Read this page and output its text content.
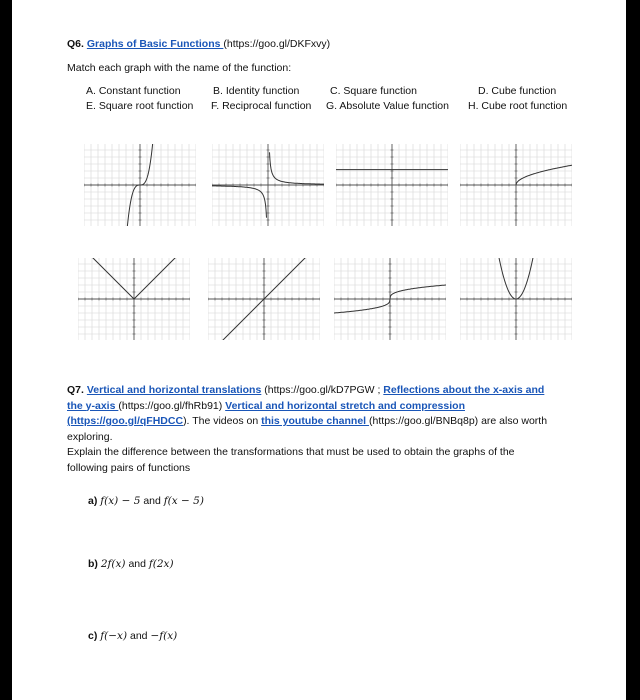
Q6. Graphs of Basic Functions (https://goo.gl/DKFxvy)
Match each graph with the name of the function:
A. Constant function	B. Identity function	C. Square function	D. Cube function
E. Square root function F. Reciprocal function G. Absolute Value function H. Cube root function
Q7. Vertical and horizontal translations (https://goo.gl/kD7PGW ; Reflections about the x-axis and
the y-axis (https://goo.gl/fhRb91) Vertical and horizontal stretch and compression
(https://goo.gl/qFHDCC). The videos on this youtube channel (https://goo.gl/BNBq8p) are also worth
exploring.
Explain the difference between the transformations that must be used to obtain the graphs of the
following pairs of functions
a) f(x) − 5 and f(x − 5)
b) 2f(x) and f(2x)
c) f(−x) and −f(x)
